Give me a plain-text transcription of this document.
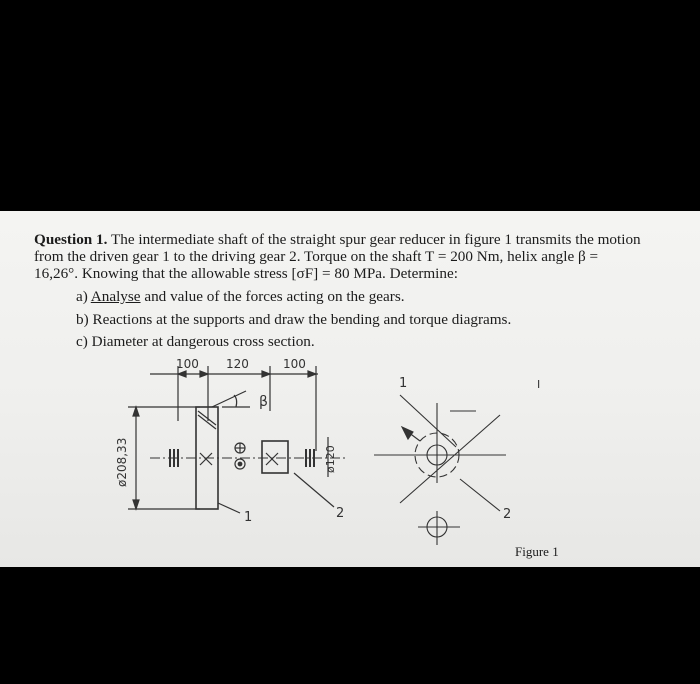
Question 1. The intermediate shaft of the straight spur gear reducer in figure 1 transmits the motion
from the driven gear 1 to the driving gear 2. Torque on the shaft T = 200 Nm, helix angle β =
16,26°. Knowing that the allowable stress [σF] = 80 MPa. Determine:
a) Analyse and value of the forces acting on the gears.
b) Reactions at the supports and draw the bending and torque diagrams.
c) Diameter at dangerous cross section.
100 120	100
ø208,33	ø120
β
1	2
1
2
I
Figure 1
